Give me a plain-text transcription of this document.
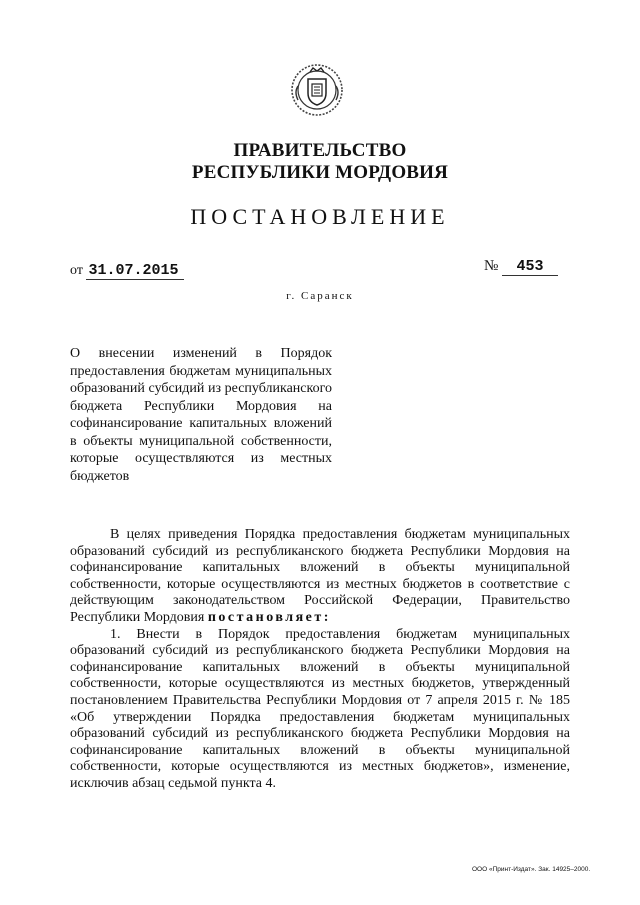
ПРАВИТЕЛЬСТВО
РЕСПУБЛИКИ МОРДОВИЯ
ПОСТАНОВЛЕНИЕ
от 31.07.2015	№ 453
г. Саранск
О внесении изменений в Порядок предоставления бюджетам муниципальных образований субсидий из республиканского бюджета Республики Мордовия на софинансирование капитальных вложений в объекты муниципальной собственности, которые осуществляются из местных бюджетов

В целях приведения Порядка предоставления бюджетам муниципальных образований субсидий из республиканского бюджета Республики Мордовия на софинансирование капитальных вложений в объекты муниципальной собственности, которые осуществляются из местных бюджетов в соответствие с действующим законодательством Российской Федерации, Правительство Республики Мордовия постановляет:

1. Внести в Порядок предоставления бюджетам муниципальных образований субсидий из республиканского бюджета Республики Мордовия на софинансирование капитальных вложений в объекты муниципальной собственности, которые осуществляются из местных бюджетов, утвержденный постановлением Правительства Республики Мордовия от 7 апреля 2015 г. № 185 «Об утверждении Порядка предоставления бюджетам муниципальных образований субсидий из республиканского бюджета Республики Мордовия на софинансирование капитальных вложений в объекты муниципальной собственности, которые осуществляются из местных бюджетов», изменение, исключив абзац седьмой пункта 4.

ООО «Принт-Издат». Зак. 14925–2000.
